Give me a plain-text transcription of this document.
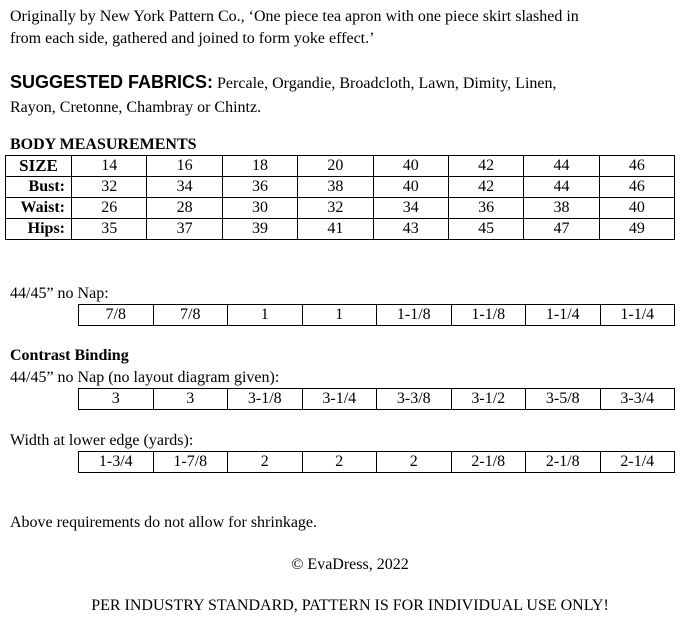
Originally by New York Pattern Co., ‘One piece tea apron with one piece skirt slashed in
from each side, gathered and joined to form yoke effect.’
SUGGESTED FABRICS: Percale, Organdie, Broadcloth, Lawn, Dimity, Linen,
Rayon, Cretonne, Chambray or Chintz.
BODY MEASUREMENTS
SIZE	14	16	18	20	40	42	44	46
Bust:	32	34	36	38	40	42	44	46
Waist:	26	28	30	32	34	36	38	40
Hips:	35	37	39	41	43	45	47	49
44/45” no Nap:
7/8	7/8	1	1	1-1/8	1-1/8	1-1/4	1-1/4
Contrast Binding
44/45” no Nap (no layout diagram given):
3	3	3-1/8	3-1/4	3-3/8	3-1/2	3-5/8	3-3/4
Width at lower edge (yards):
1-3/4	1-7/8	2	2	2	2-1/8	2-1/8	2-1/4
Above requirements do not allow for shrinkage.
© EvaDress, 2022
PER INDUSTRY STANDARD, PATTERN IS FOR INDIVIDUAL USE ONLY!
